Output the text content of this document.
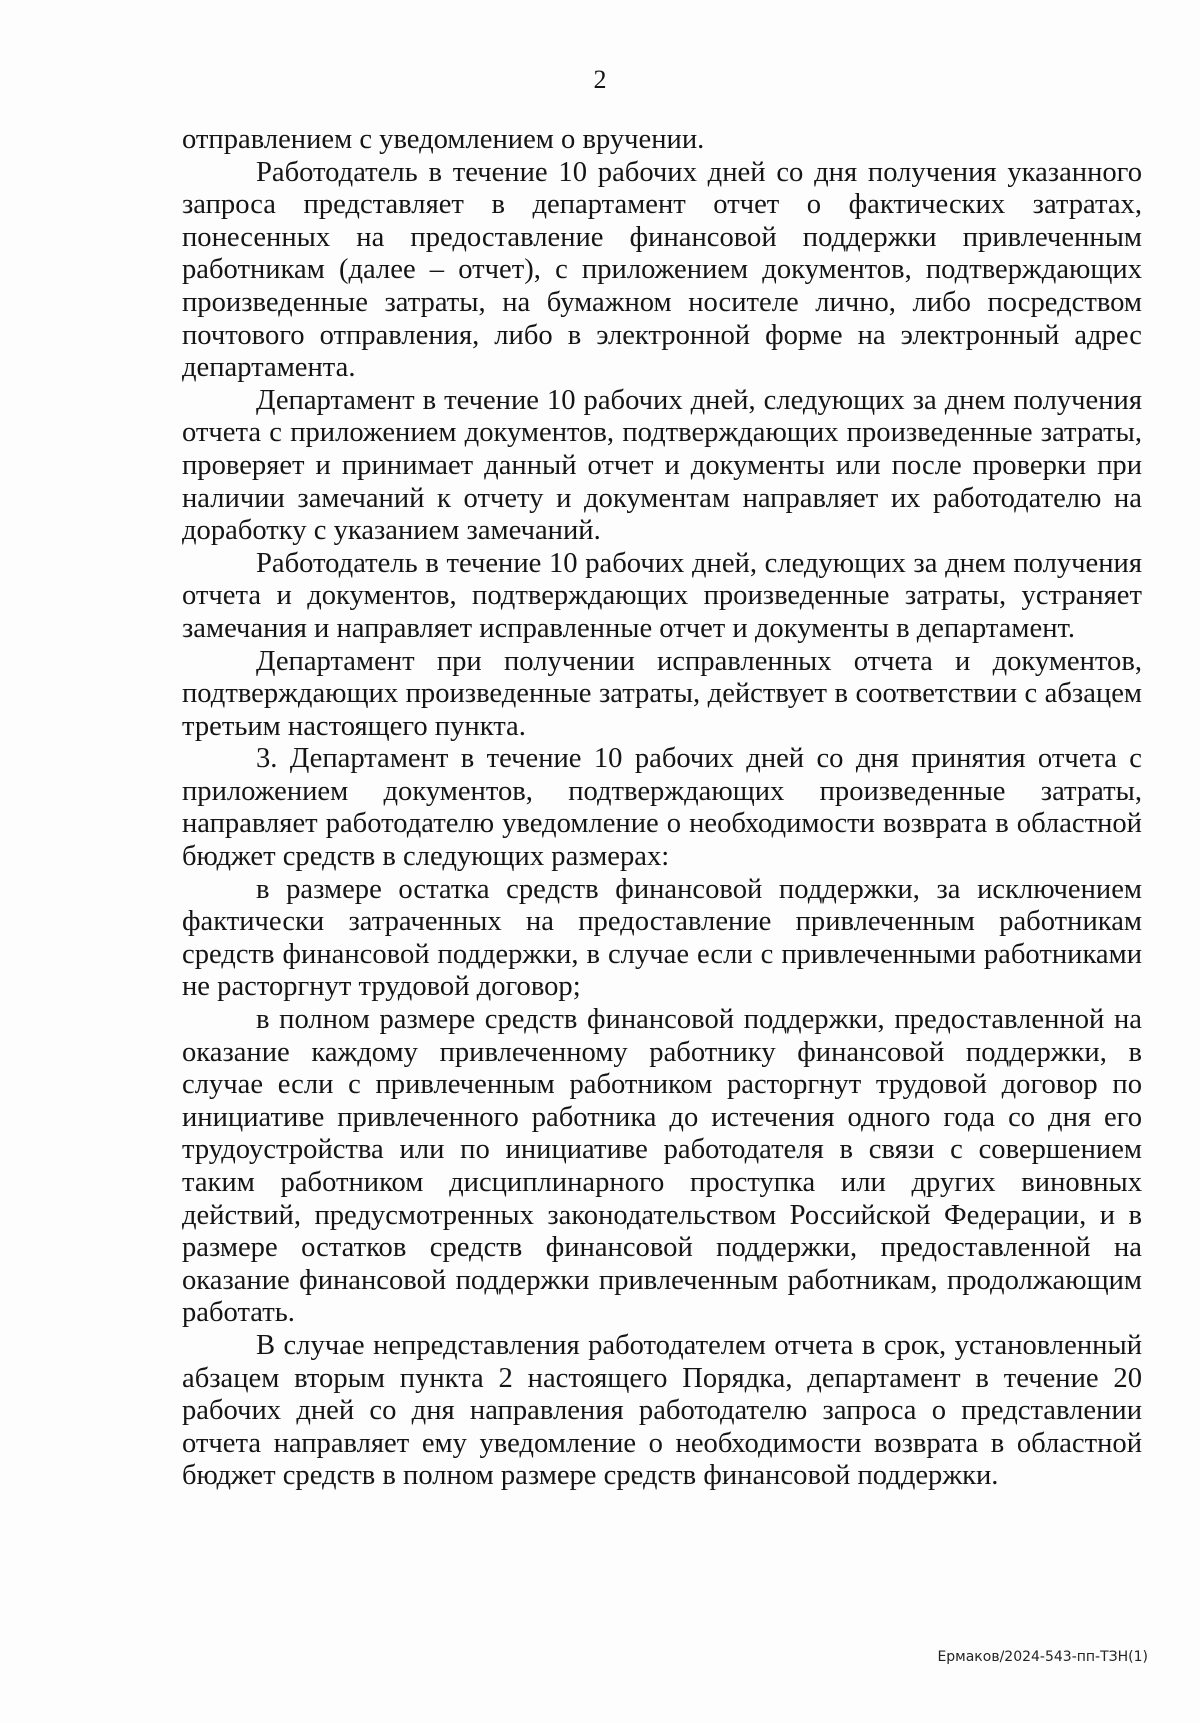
2

отправлением с уведомлением о вручении.

Работодатель в течение 10 рабочих дней со дня получения указанного запроса представляет в департамент отчет о фактических затратах, понесенных на предоставление финансовой поддержки привлеченным работникам (далее – отчет), с приложением документов, подтверждающих произведенные затраты, на бумажном носителе лично, либо посредством почтового отправления, либо в электронной форме на электронный адрес департамента.

Департамент в течение 10 рабочих дней, следующих за днем получения отчета с приложением документов, подтверждающих произведенные затраты, проверяет и принимает данный отчет и документы или после проверки при наличии замечаний к отчету и документам направляет их работодателю на доработку с указанием замечаний.

Работодатель в течение 10 рабочих дней, следующих за днем получения отчета и документов, подтверждающих произведенные затраты, устраняет замечания и направляет исправленные отчет и документы в департамент.

Департамент при получении исправленных отчета и документов, подтверждающих произведенные затраты, действует в соответствии с абзацем третьим настоящего пункта.

3. Департамент в течение 10 рабочих дней со дня принятия отчета с приложением документов, подтверждающих произведенные затраты, направляет работодателю уведомление о необходимости возврата в областной бюджет средств в следующих размерах:

в размере остатка средств финансовой поддержки, за исключением фактически затраченных на предоставление привлеченным работникам средств финансовой поддержки, в случае если с привлеченными работниками не расторгнут трудовой договор;

в полном размере средств финансовой поддержки, предоставленной на оказание каждому привлеченному работнику финансовой поддержки, в случае если с привлеченным работником расторгнут трудовой договор по инициативе привлеченного работника до истечения одного года со дня его трудоустройства или по инициативе работодателя в связи с совершением таким работником дисциплинарного проступка или других виновных действий, предусмотренных законодательством Российской Федерации, и в размере остатков средств финансовой поддержки, предоставленной на оказание финансовой поддержки привлеченным работникам, продолжающим работать.

В случае непредставления работодателем отчета в срок, установленный абзацем вторым пункта 2 настоящего Порядка, департамент в течение 20 рабочих дней со дня направления работодателю запроса о представлении отчета направляет ему уведомление о необходимости возврата в областной бюджет средств в полном размере средств финансовой поддержки.

Ермаков/2024-543-пп-ТЗН(1)
